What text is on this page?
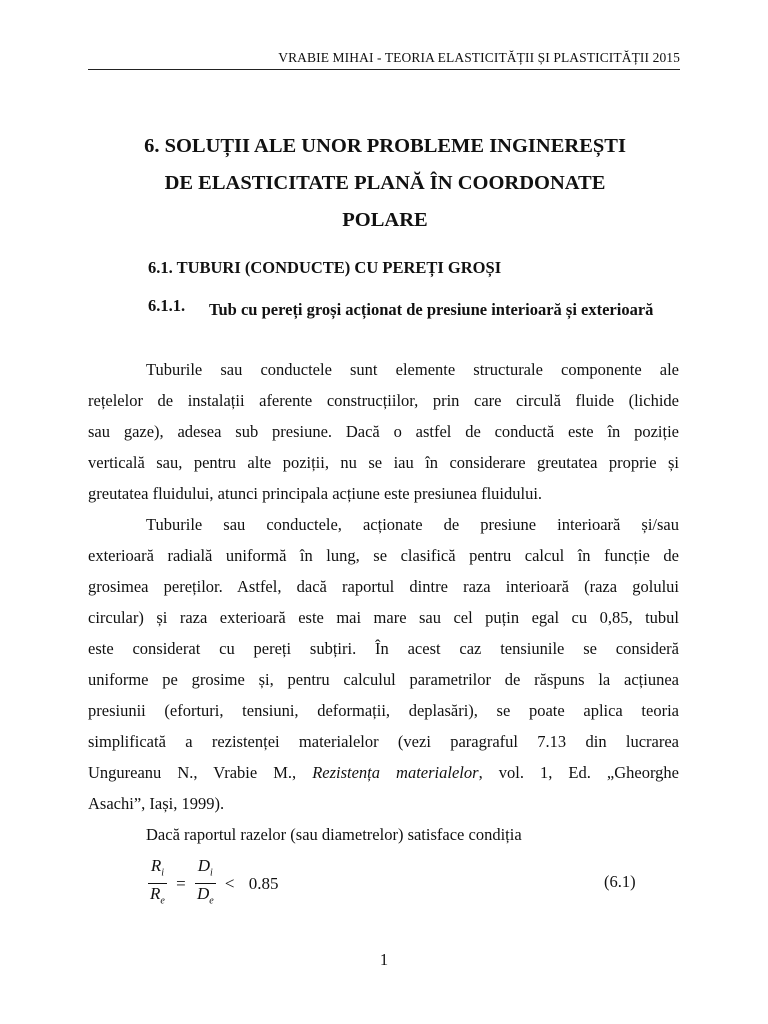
VRABIE MIHAI - TEORIA ELASTICITĂȚII ȘI PLASTICITĂȚII 2015
6. SOLUȚII ALE UNOR PROBLEME INGINEREȘTI
DE ELASTICITATE PLANĂ ÎN COORDONATE
POLARE
6.1. TUBURI (CONDUCTE) CU PEREȚI GROȘI
6.1.1. Tub cu pereți groși acționat de presiune interioară și exterioară
Tuburile sau conductele sunt elemente structurale componente ale
rețelelor de instalații aferente construcțiilor, prin care circulă fluide (lichide
sau gaze), adesea sub presiune. Dacă o astfel de conductă este în poziție
verticală sau, pentru alte poziții, nu se iau în considerare greutatea proprie și
greutatea fluidului, atunci principala acțiune este presiunea fluidului.
Tuburile sau conductele, acționate de presiune interioară și/sau
exterioară radială uniformă în lung, se clasifică pentru calcul în funcție de
grosimea pereților. Astfel, dacă raportul dintre raza interioară (raza golului
circular) și raza exterioară este mai mare sau cel puțin egal cu 0,85, tubul
este considerat cu pereți subțiri. În acest caz tensiunile se consideră
uniforme pe grosime și, pentru calculul parametrilor de răspuns la acțiunea
presiunii (eforturi, tensiuni, deformații, deplasări), se poate aplica teoria
simplificată a rezistenței materialelor (vezi paragraful 7.13 din lucrarea
Ungureanu N., Vrabie M., Rezistența materialelor, vol. 1, Ed. „Gheorghe
Asachi”, Iași, 1999).
Dacă raportul razelor (sau diametrelor) satisface condiția
$\frac{R_i}{R_e} = \frac{D_i}{D_e} < 0.85$	(6.1)
1
